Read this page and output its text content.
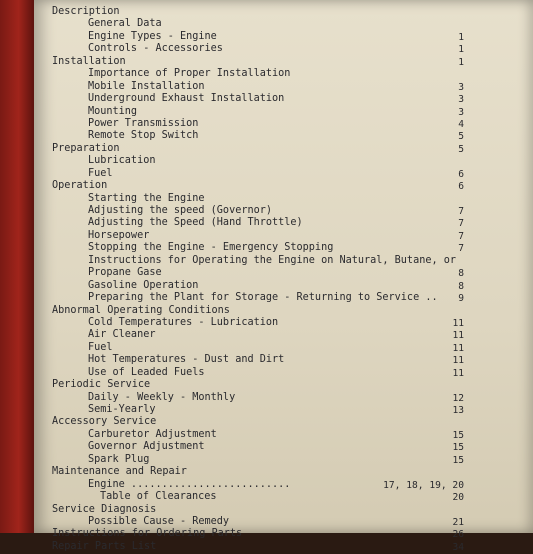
Description
General Data
Engine Types - Engine	1
Controls - Accessories	1
Installation	1
Importance of Proper Installation
Mobile Installation	3
Underground Exhaust Installation	3
Mounting	3
Power Transmission	4
Remote Stop Switch	5
Preparation	5
Lubrication
Fuel	6
Operation	6
Starting the Engine
Adjusting the speed (Governor)	7
Adjusting the Speed (Hand Throttle)	7
Horsepower	7
Stopping the Engine - Emergency Stopping	7
Instructions for Operating the Engine on Natural, Butane, or Propane Gase	8
Gasoline Operation	8
Preparing the Plant for Storage - Returning to Service .. 9
Abnormal Operating Conditions
Cold Temperatures - Lubrication	11
Air Cleaner	11
Fuel	11
Hot Temperatures - Dust and Dirt	11
Use of Leaded Fuels	11
Periodic Service
Daily - Weekly - Monthly	12
Semi-Yearly	13
Accessory Service
Carburetor Adjustment	15
Governor Adjustment	15
Spark Plug	15
Maintenance and Repair
Engine ..........................	17, 18, 19, 20
Table of Clearances	20
Service Diagnosis
Possible Cause - Remedy	21
Instructions for Ordering Parts	26
Repair Parts List	34
